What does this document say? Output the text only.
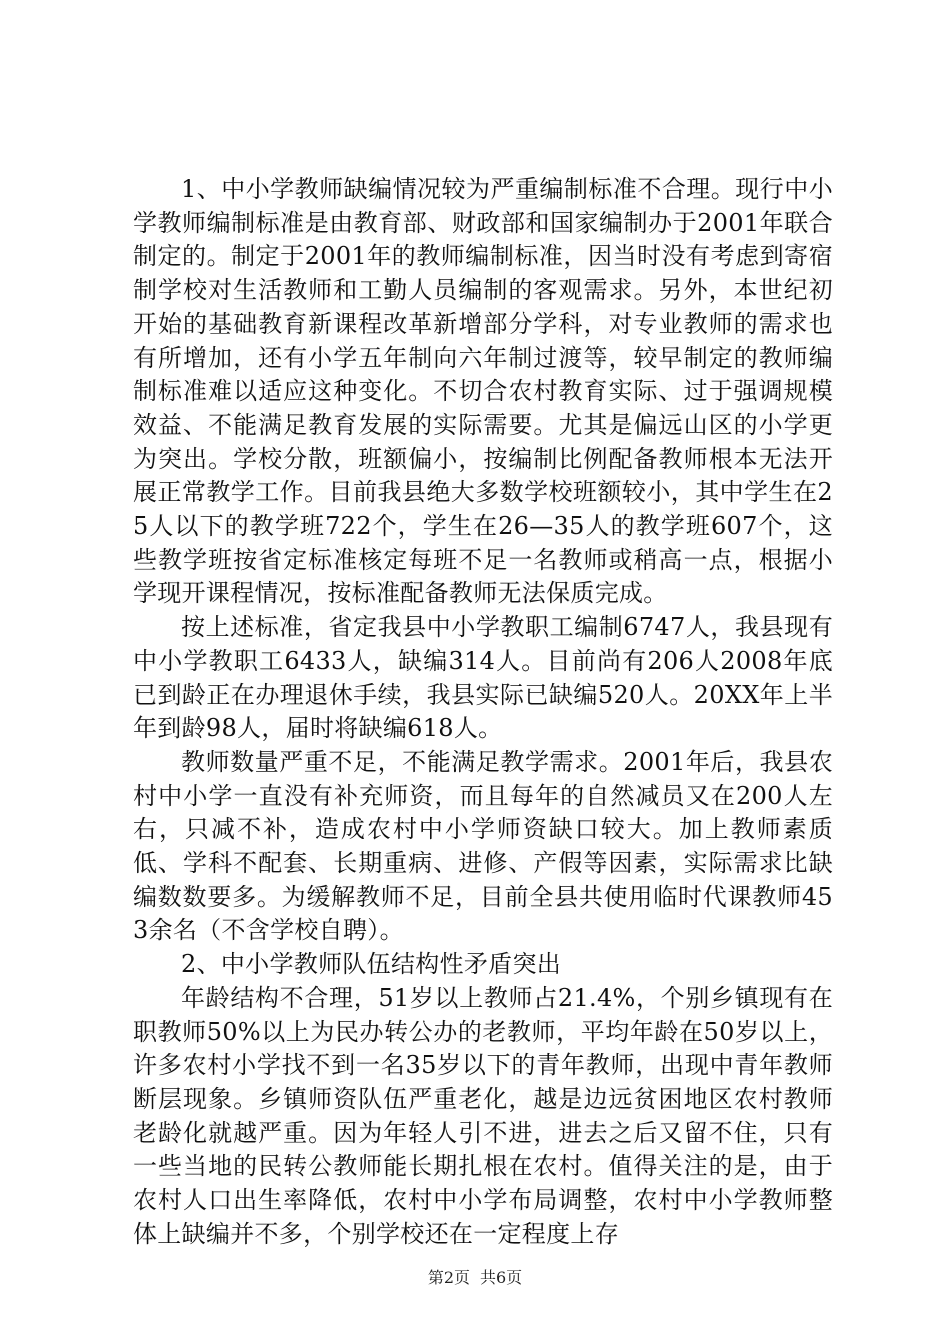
1、中小学教师缺编情况较为严重编制标准不合理。现行中小学教师编制标准是由教育部、财政部和国家编制办于2001年联合制定的。制定于2001年的教师编制标准，因当时没有考虑到寄宿制学校对生活教师和工勤人员编制的客观需求。另外，本世纪初开始的基础教育新课程改革新增部分学科，对专业教师的需求也有所增加，还有小学五年制向六年制过渡等，较早制定的教师编制标准难以适应这种变化。不切合农村教育实际、过于强调规模效益、不能满足教育发展的实际需要。尤其是偏远山区的小学更为突出。学校分散，班额偏小，按编制比例配备教师根本无法开展正常教学工作。目前我县绝大多数学校班额较小，其中学生在25人以下的教学班722个，学生在26—35人的教学班607个，这些教学班按省定标准核定每班不足一名教师或稍高一点，根据小学现开课程情况，按标准配备教师无法保质完成。

按上述标准，省定我县中小学教职工编制6747人，我县现有中小学教职工6433人，缺编314人。目前尚有206人2008年底已到龄正在办理退休手续，我县实际已缺编520人。20XX年上半年到龄98人，届时将缺编618人。

教师数量严重不足，不能满足教学需求。2001年后，我县农村中小学一直没有补充师资，而且每年的自然减员又在200人左右，只减不补，造成农村中小学师资缺口较大。加上教师素质低、学科不配套、长期重病、进修、产假等因素，实际需求比缺编数数要多。为缓解教师不足，目前全县共使用临时代课教师453余名（不含学校自聘）。

2、中小学教师队伍结构性矛盾突出

年龄结构不合理，51岁以上教师占21.4%，个别乡镇现有在职教师50%以上为民办转公办的老教师，平均年龄在50岁以上，许多农村小学找不到一名35岁以下的青年教师，出现中青年教师断层现象。乡镇师资队伍严重老化，越是边远贫困地区农村教师老龄化就越严重。因为年轻人引不进，进去之后又留不住，只有一些当地的民转公教师能长期扎根在农村。值得关注的是，由于农村人口出生率降低，农村中小学布局调整，农村中小学教师整体上缺编并不多，个别学校还在一定程度上存

第2页 共6页
